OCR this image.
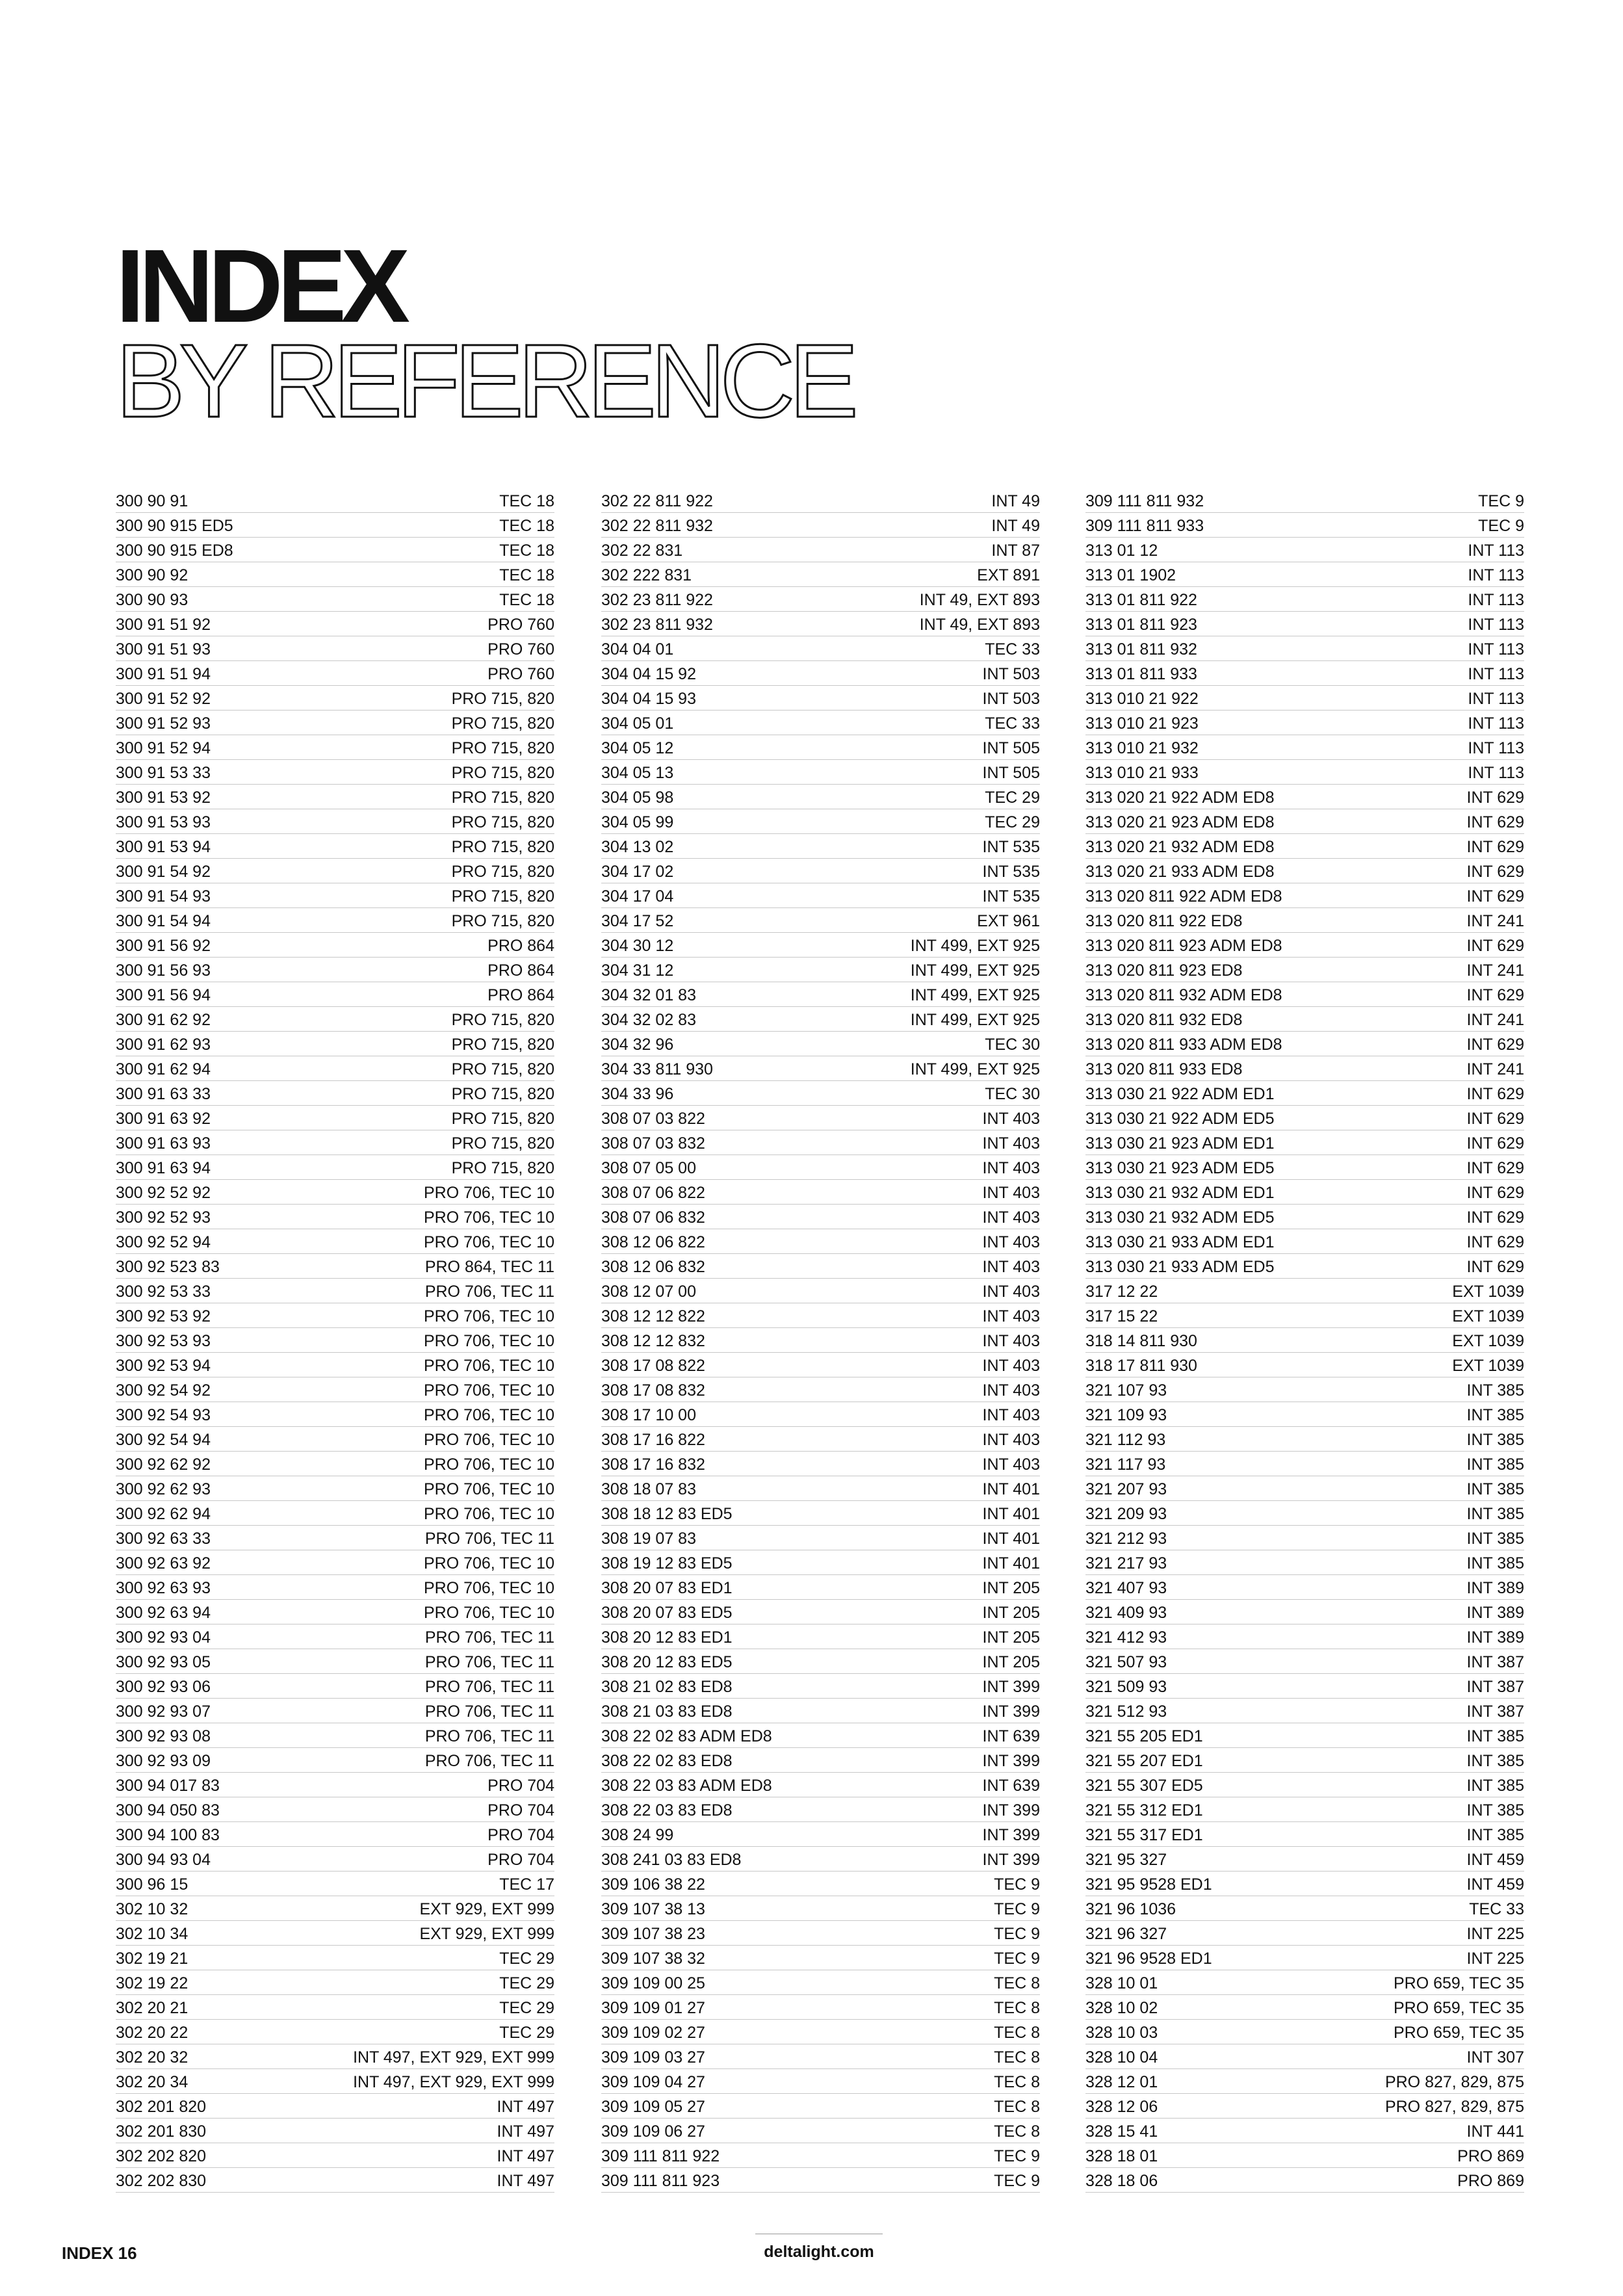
INDEX
BY REFERENCE
300 90 91	TEC 18
300 90 915 ED5	TEC 18
300 90 915 ED8	TEC 18
300 90 92	TEC 18
300 90 93	TEC 18
300 91 51 92	PRO 760
300 91 51 93	PRO 760
300 91 51 94	PRO 760
300 91 52 92	PRO 715, 820
300 91 52 93	PRO 715, 820
300 91 52 94	PRO 715, 820
300 91 53 33	PRO 715, 820
300 91 53 92	PRO 715, 820
300 91 53 93	PRO 715, 820
300 91 53 94	PRO 715, 820
300 91 54 92	PRO 715, 820
300 91 54 93	PRO 715, 820
300 91 54 94	PRO 715, 820
300 91 56 92	PRO 864
300 91 56 93	PRO 864
300 91 56 94	PRO 864
300 91 62 92	PRO 715, 820
300 91 62 93	PRO 715, 820
300 91 62 94	PRO 715, 820
300 91 63 33	PRO 715, 820
300 91 63 92	PRO 715, 820
300 91 63 93	PRO 715, 820
300 91 63 94	PRO 715, 820
300 92 52 92	PRO 706, TEC 10
300 92 52 93	PRO 706, TEC 10
300 92 52 94	PRO 706, TEC 10
300 92 523 83	PRO 864, TEC 11
300 92 53 33	PRO 706, TEC 11
300 92 53 92	PRO 706, TEC 10
300 92 53 93	PRO 706, TEC 10
300 92 53 94	PRO 706, TEC 10
300 92 54 92	PRO 706, TEC 10
300 92 54 93	PRO 706, TEC 10
300 92 54 94	PRO 706, TEC 10
300 92 62 92	PRO 706, TEC 10
300 92 62 93	PRO 706, TEC 10
300 92 62 94	PRO 706, TEC 10
300 92 63 33	PRO 706, TEC 11
300 92 63 92	PRO 706, TEC 10
300 92 63 93	PRO 706, TEC 10
300 92 63 94	PRO 706, TEC 10
300 92 93 04	PRO 706, TEC 11
300 92 93 05	PRO 706, TEC 11
300 92 93 06	PRO 706, TEC 11
300 92 93 07	PRO 706, TEC 11
300 92 93 08	PRO 706, TEC 11
300 92 93 09	PRO 706, TEC 11
300 94 017 83	PRO 704
300 94 050 83	PRO 704
300 94 100 83	PRO 704
300 94 93 04	PRO 704
300 96 15	TEC 17
302 10 32	EXT 929, EXT 999
302 10 34	EXT 929, EXT 999
302 19 21	TEC 29
302 19 22	TEC 29
302 20 21	TEC 29
302 20 22	TEC 29
302 20 32	INT 497, EXT 929, EXT 999
302 20 34	INT 497, EXT 929, EXT 999
302 201 820	INT 497
302 201 830	INT 497
302 202 820	INT 497
302 202 830	INT 497
302 22 811 922	INT 49
302 22 811 932	INT 49
302 22 831	INT 87
302 222 831	EXT 891
302 23 811 922	INT 49, EXT 893
302 23 811 932	INT 49, EXT 893
304 04 01	TEC 33
304 04 15 92	INT 503
304 04 15 93	INT 503
304 05 01	TEC 33
304 05 12	INT 505
304 05 13	INT 505
304 05 98	TEC 29
304 05 99	TEC 29
304 13 02	INT 535
304 17 02	INT 535
304 17 04	INT 535
304 17 52	EXT 961
304 30 12	INT 499, EXT 925
304 31 12	INT 499, EXT 925
304 32 01 83	INT 499, EXT 925
304 32 02 83	INT 499, EXT 925
304 32 96	TEC 30
304 33 811 930	INT 499, EXT 925
304 33 96	TEC 30
308 07 03 822	INT 403
308 07 03 832	INT 403
308 07 05 00	INT 403
308 07 06 822	INT 403
308 07 06 832	INT 403
308 12 06 822	INT 403
308 12 06 832	INT 403
308 12 07 00	INT 403
308 12 12 822	INT 403
308 12 12 832	INT 403
308 17 08 822	INT 403
308 17 08 832	INT 403
308 17 10 00	INT 403
308 17 16 822	INT 403
308 17 16 832	INT 403
308 18 07 83	INT 401
308 18 12 83 ED5	INT 401
308 19 07 83	INT 401
308 19 12 83 ED5	INT 401
308 20 07 83 ED1	INT 205
308 20 07 83 ED5	INT 205
308 20 12 83 ED1	INT 205
308 20 12 83 ED5	INT 205
308 21 02 83 ED8	INT 399
308 21 03 83 ED8	INT 399
308 22 02 83 ADM ED8	INT 639
308 22 02 83 ED8	INT 399
308 22 03 83 ADM ED8	INT 639
308 22 03 83 ED8	INT 399
308 24 99	INT 399
308 241 03 83 ED8	INT 399
309 106 38 22	TEC 9
309 107 38 13	TEC 9
309 107 38 23	TEC 9
309 107 38 32	TEC 9
309 109 00 25	TEC 8
309 109 01 27	TEC 8
309 109 02 27	TEC 8
309 109 03 27	TEC 8
309 109 04 27	TEC 8
309 109 05 27	TEC 8
309 109 06 27	TEC 8
309 111 811 922	TEC 9
309 111 811 923	TEC 9
309 111 811 932	TEC 9
309 111 811 933	TEC 9
313 01 12	INT 113
313 01 1902	INT 113
313 01 811 922	INT 113
313 01 811 923	INT 113
313 01 811 932	INT 113
313 01 811 933	INT 113
313 010 21 922	INT 113
313 010 21 923	INT 113
313 010 21 932	INT 113
313 010 21 933	INT 113
313 020 21 922 ADM ED8	INT 629
313 020 21 923 ADM ED8	INT 629
313 020 21 932 ADM ED8	INT 629
313 020 21 933 ADM ED8	INT 629
313 020 811 922 ADM ED8	INT 629
313 020 811 922 ED8	INT 241
313 020 811 923 ADM ED8	INT 629
313 020 811 923 ED8	INT 241
313 020 811 932 ADM ED8	INT 629
313 020 811 932 ED8	INT 241
313 020 811 933 ADM ED8	INT 629
313 020 811 933 ED8	INT 241
313 030 21 922 ADM ED1	INT 629
313 030 21 922 ADM ED5	INT 629
313 030 21 923 ADM ED1	INT 629
313 030 21 923 ADM ED5	INT 629
313 030 21 932 ADM ED1	INT 629
313 030 21 932 ADM ED5	INT 629
313 030 21 933 ADM ED1	INT 629
313 030 21 933 ADM ED5	INT 629
317 12 22	EXT 1039
317 15 22	EXT 1039
318 14 811 930	EXT 1039
318 17 811 930	EXT 1039
321 107 93	INT 385
321 109 93	INT 385
321 112 93	INT 385
321 117 93	INT 385
321 207 93	INT 385
321 209 93	INT 385
321 212 93	INT 385
321 217 93	INT 385
321 407 93	INT 389
321 409 93	INT 389
321 412 93	INT 389
321 507 93	INT 387
321 509 93	INT 387
321 512 93	INT 387
321 55 205 ED1	INT 385
321 55 207 ED1	INT 385
321 55 307 ED5	INT 385
321 55 312 ED1	INT 385
321 55 317 ED1	INT 385
321 95 327	INT 459
321 95 9528 ED1	INT 459
321 96 1036	TEC 33
321 96 327	INT 225
321 96 9528 ED1	INT 225
328 10 01	PRO 659, TEC 35
328 10 02	PRO 659, TEC 35
328 10 03	PRO 659, TEC 35
328 10 04	INT 307
328 12 01	PRO 827, 829, 875
328 12 06	PRO 827, 829, 875
328 15 41	INT 441
328 18 01	PRO 869
328 18 06	PRO 869
INDEX 16	deltalight.com
